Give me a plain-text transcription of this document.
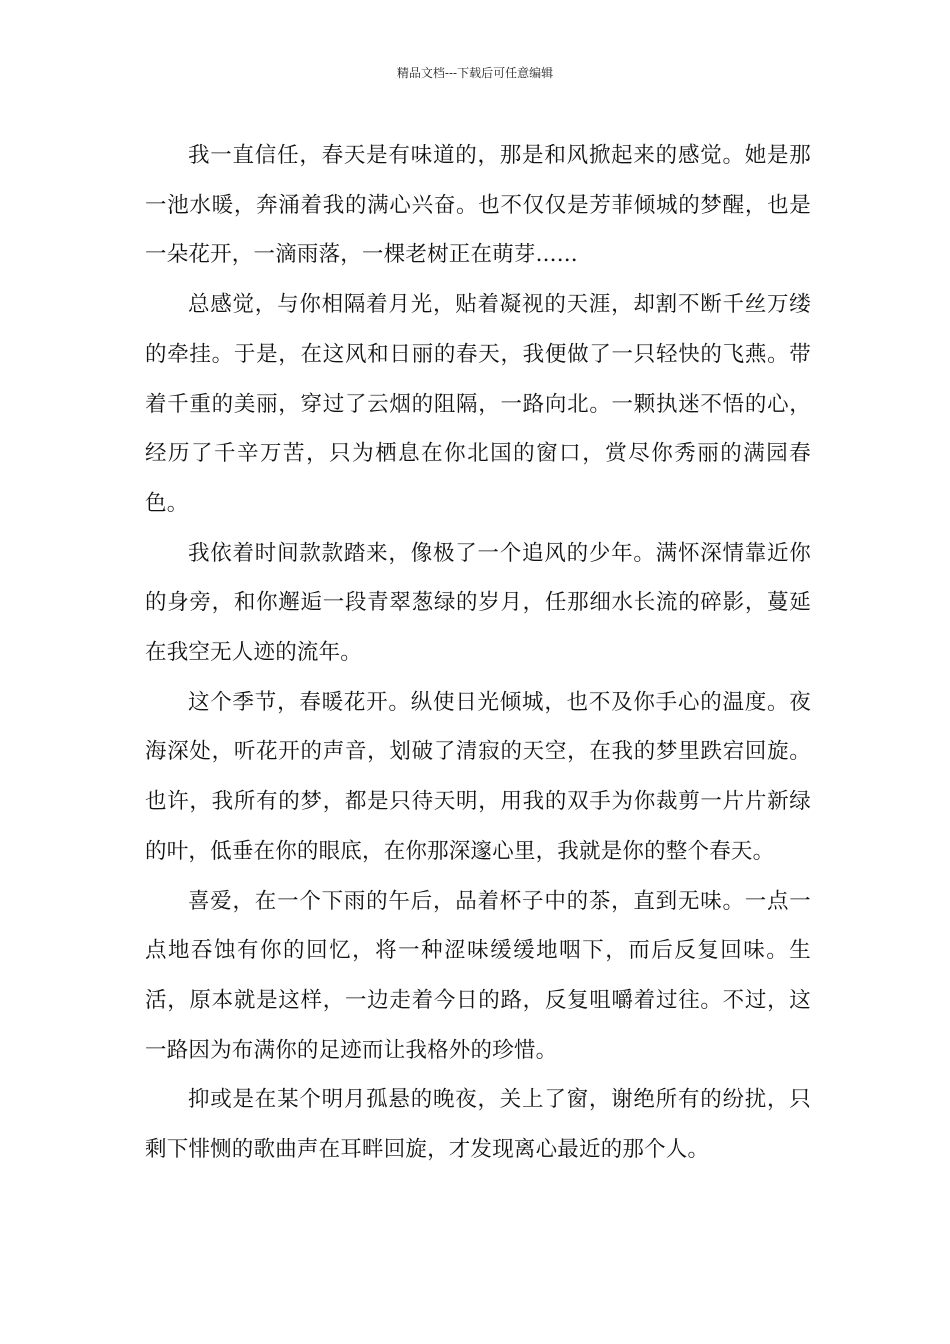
精品文档---下载后可任意编辑

我一直信任，春天是有味道的，那是和风掀起来的感觉。她是那一池水暖，奔涌着我的满心兴奋。也不仅仅是芳菲倾城的梦醒，也是一朵花开，一滴雨落，一棵老树正在萌芽......

总感觉，与你相隔着月光，贴着凝视的天涯，却割不断千丝万缕的牵挂。于是，在这风和日丽的春天，我便做了一只轻快的飞燕。带着千重的美丽，穿过了云烟的阻隔，一路向北。一颗执迷不悟的心，经历了千辛万苦，只为栖息在你北国的窗口，赏尽你秀丽的满园春色。

我依着时间款款踏来，像极了一个追风的少年。满怀深情靠近你的身旁，和你邂逅一段青翠葱绿的岁月，任那细水长流的碎影，蔓延在我空无人迹的流年。

这个季节，春暖花开。纵使日光倾城，也不及你手心的温度。夜海深处，听花开的声音，划破了清寂的天空，在我的梦里跌宕回旋。也许，我所有的梦，都是只待天明，用我的双手为你裁剪一片片新绿的叶，低垂在你的眼底，在你那深邃心里，我就是你的整个春天。

喜爱，在一个下雨的午后，品着杯子中的茶，直到无味。一点一点地吞蚀有你的回忆，将一种涩味缓缓地咽下，而后反复回味。生活，原本就是这样，一边走着今日的路，反复咀嚼着过往。不过，这一路因为布满你的足迹而让我格外的珍惜。

抑或是在某个明月孤悬的晚夜，关上了窗，谢绝所有的纷扰，只剩下悱恻的歌曲声在耳畔回旋，才发现离心最近的那个人。
